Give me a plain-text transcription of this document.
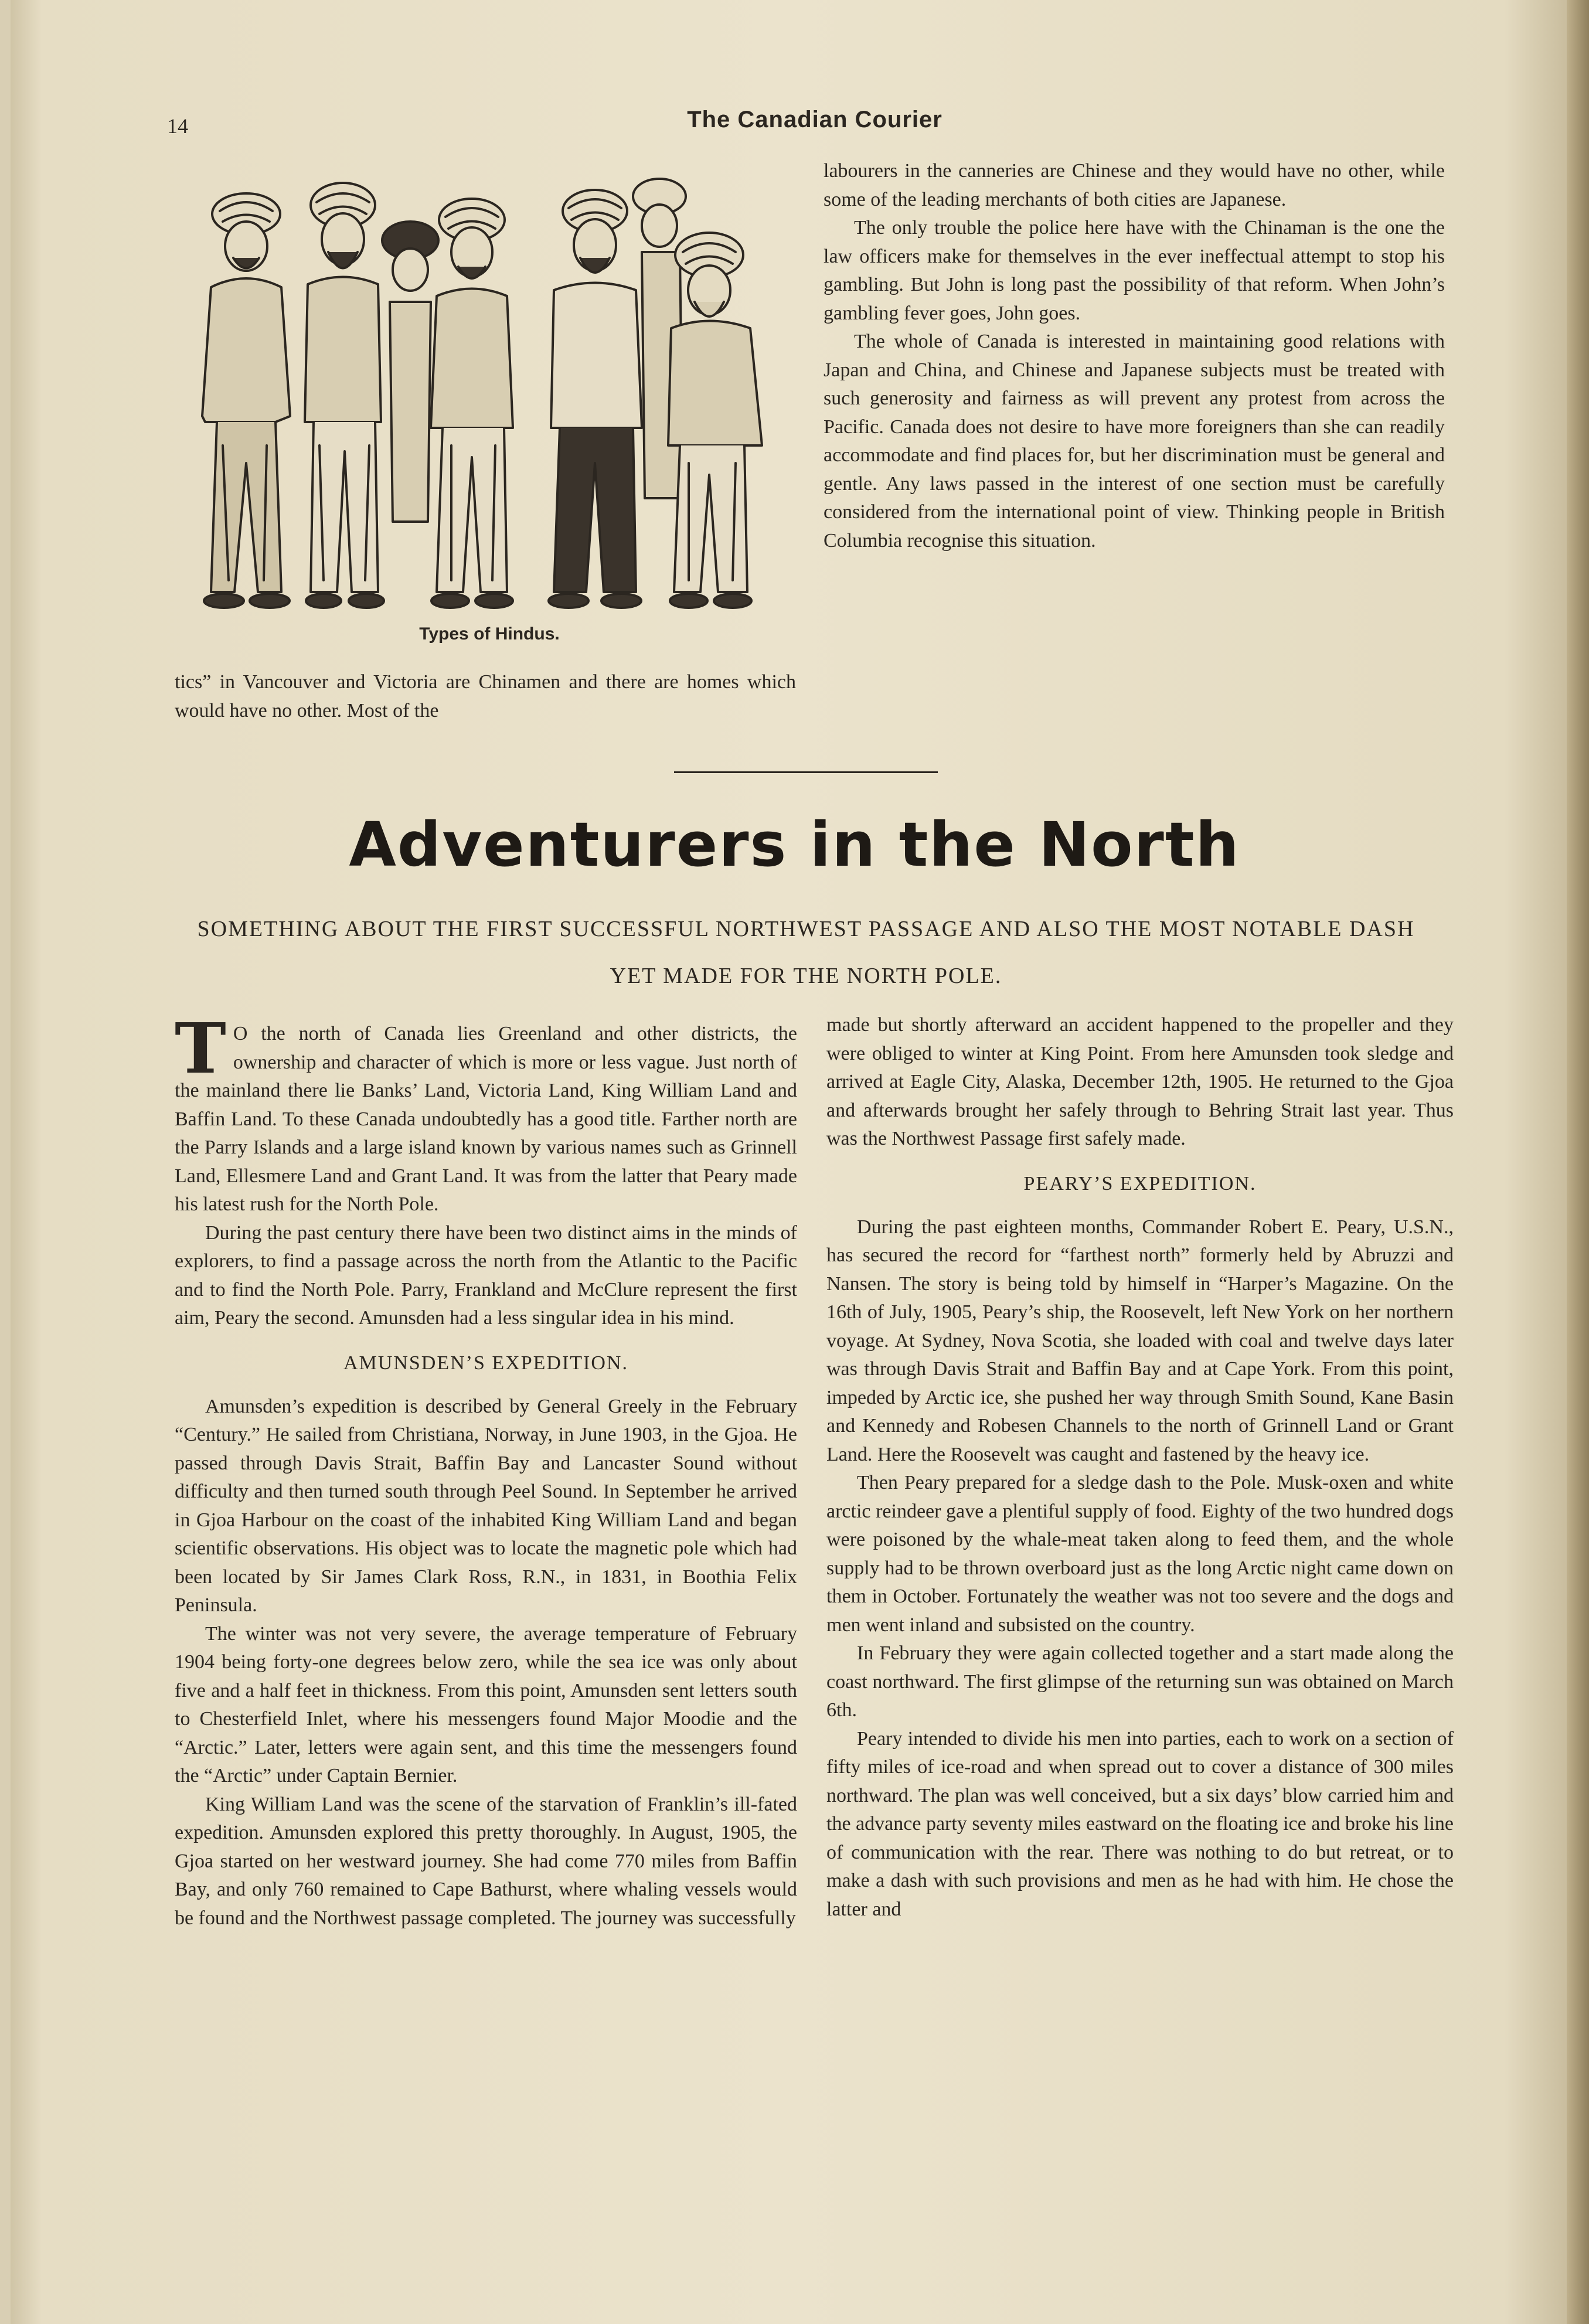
14	The Canadian Courier
Types of Hindus.

tics” in Vancouver and Victoria are Chinamen and there are homes which would have no other. Most of the

labourers in the canneries are Chinese and they would have no other, while some of the leading merchants of both cities are Japanese.

The only trouble the police here have with the Chinaman is the one the law officers make for themselves in the ever ineffectual attempt to stop his gambling. But John is long past the possibility of that reform. When John’s gambling fever goes, John goes.

The whole of Canada is interested in maintaining good relations with Japan and China, and Chinese and Japanese subjects must be treated with such generosity and fairness as will prevent any protest from across the Pacific. Canada does not desire to have more foreigners than she can readily accommodate and find places for, but her discrimination must be general and gentle. Any laws passed in the interest of one section must be carefully considered from the international point of view. Thinking people in British Columbia recognise this situation.

Adventurers in the North
SOMETHING ABOUT THE FIRST SUCCESSFUL NORTHWEST PASSAGE AND ALSO THE MOST NOTABLE DASH YET MADE FOR THE NORTH POLE.

T O the north of Canada lies Greenland and other districts, the ownership and character of which is more or less vague. Just north of the mainland there lie Banks’ Land, Victoria Land, King William Land and Baffin Land. To these Canada undoubtedly has a good title. Farther north are the Parry Islands and a large island known by various names such as Grinnell Land, Ellesmere Land and Grant Land. It was from the latter that Peary made his latest rush for the North Pole.

During the past century there have been two distinct aims in the minds of explorers, to find a passage across the north from the Atlantic to the Pacific and to find the North Pole. Parry, Frankland and McClure represent the first aim, Peary the second. Amunsden had a less singular idea in his mind.

AMUNSDEN’S EXPEDITION.

Amunsden’s expedition is described by General Greely in the February “Century.” He sailed from Christiana, Norway, in June 1903, in the Gjoa. He passed through Davis Strait, Baffin Bay and Lancaster Sound without difficulty and then turned south through Peel Sound. In September he arrived in Gjoa Harbour on the coast of the inhabited King William Land and began scientific observations. His object was to locate the magnetic pole which had been located by Sir James Clark Ross, R.N., in 1831, in Boothia Felix Peninsula.

The winter was not very severe, the average temperature of February 1904 being forty-one degrees below zero, while the sea ice was only about five and a half feet in thickness. From this point, Amunsden sent letters south to Chesterfield Inlet, where his messengers found Major Moodie and the “Arctic.” Later, letters were again sent, and this time the messengers found the “Arctic” under Captain Bernier.

King William Land was the scene of the starvation of Franklin’s ill-fated expedition. Amunsden explored this pretty thoroughly. In August, 1905, the Gjoa started on her westward journey. She had come 770 miles from Baffin Bay, and only 760 remained to Cape Bathurst, where whaling vessels would be found and the Northwest passage completed. The journey was successfully

made but shortly afterward an accident happened to the propeller and they were obliged to winter at King Point. From here Amunsden took sledge and arrived at Eagle City, Alaska, December 12th, 1905. He returned to the Gjoa and afterwards brought her safely through to Behring Strait last year. Thus was the Northwest Passage first safely made.

PEARY’S EXPEDITION.

During the past eighteen months, Commander Robert E. Peary, U.S.N., has secured the record for “farthest north” formerly held by Abruzzi and Nansen. The story is being told by himself in “Harper’s Magazine. On the 16th of July, 1905, Peary’s ship, the Roosevelt, left New York on her northern voyage. At Sydney, Nova Scotia, she loaded with coal and twelve days later was through Davis Strait and Baffin Bay and at Cape York. From this point, impeded by Arctic ice, she pushed her way through Smith Sound, Kane Basin and Kennedy and Robesen Channels to the north of Grinnell Land or Grant Land. Here the Roosevelt was caught and fastened by the heavy ice.

Then Peary prepared for a sledge dash to the Pole. Musk-oxen and white arctic reindeer gave a plentiful supply of food. Eighty of the two hundred dogs were poisoned by the whale-meat taken along to feed them, and the whole supply had to be thrown overboard just as the long Arctic night came down on them in October. Fortunately the weather was not too severe and the dogs and men went inland and subsisted on the country.

In February they were again collected together and a start made along the coast northward. The first glimpse of the returning sun was obtained on March 6th.

Peary intended to divide his men into parties, each to work on a section of fifty miles of ice-road and when spread out to cover a distance of 300 miles northward. The plan was well conceived, but a six days’ blow carried him and the advance party seventy miles eastward on the floating ice and broke his line of communication with the rear. There was nothing to do but retreat, or to make a dash with such provisions and men as he had with him. He chose the latter and
